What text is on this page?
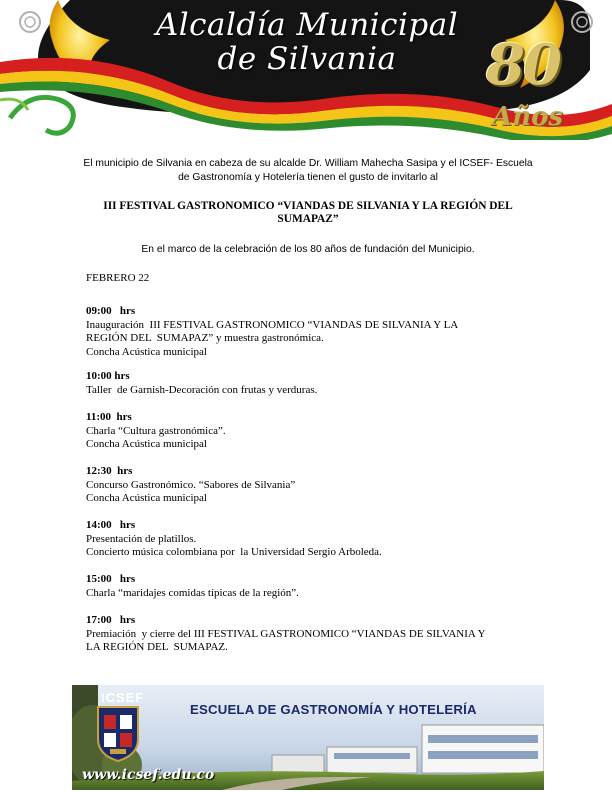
Alcaldía Municipal
de Silvania	80
Años
El municipio de Silvania en cabeza de su alcalde Dr. William Mahecha Sasipa y el ICSEF- Escuela
de Gastronomía y Hotelería tienen el gusto de invitarlo al
III FESTIVAL GASTRONOMICO “VIANDAS DE SILVANIA Y LA REGIÓN DEL
SUMAPAZ”
En el marco de la celebración de los 80 años de fundación del Municipio.
FEBRERO 22
09:00   hrs
Inauguración  III FESTIVAL GASTRONOMICO “VIANDAS DE SILVANIA Y LA
REGIÓN DEL  SUMAPAZ” y muestra gastronómica.
Concha Acústica municipal
10:00 hrs
Taller  de Garnish-Decoración con frutas y verduras.
11:00  hrs
Charla “Cultura gastronómica”.
Concha Acústica municipal
12:30  hrs
Concurso Gastronómico. “Sabores de Silvania”
Concha Acústica municipal
14:00   hrs
Presentación de platillos.
Concierto música colombiana por  la Universidad Sergio Arboleda.
15:00   hrs
Charla “maridajes comidas típicas de la región”.
17:00   hrs
Premiación  y cierre del III FESTIVAL GASTRONOMICO “VIANDAS DE SILVANIA Y
LA REGIÓN DEL  SUMAPAZ.
ICSEF
ESCUELA DE GASTRONOMÍA Y HOTELERÍA
www.icsef.edu.co
